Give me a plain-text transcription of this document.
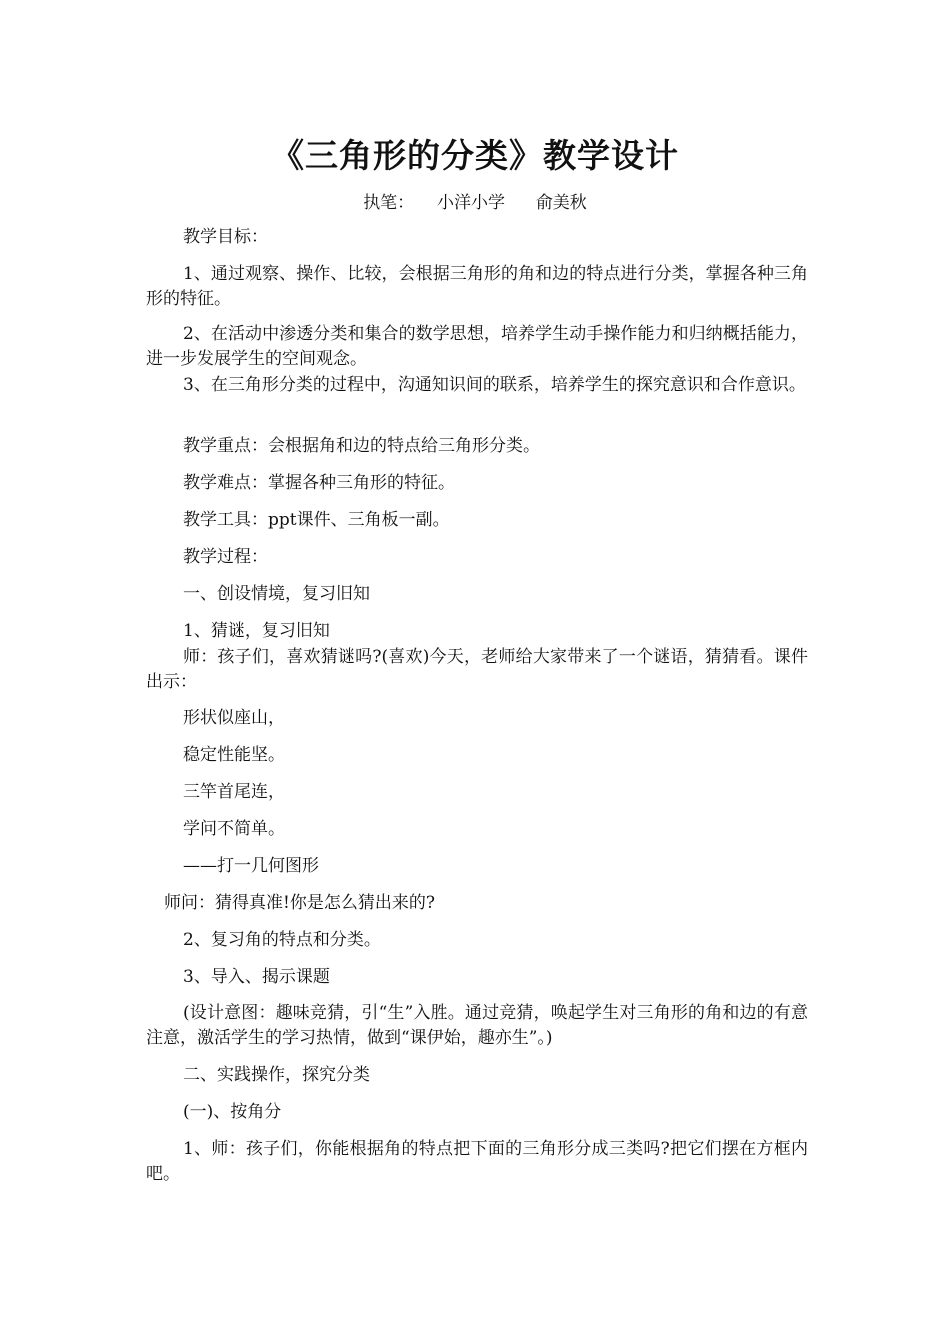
《三角形的分类》教学设计
执笔： 小洋小学 俞美秋

教学目标：

1、通过观察、操作、比较，会根据三角形的角和边的特点进行分类，掌握各种三角形的特征。

2、在活动中渗透分类和集合的数学思想，培养学生动手操作能力和归纳概括能力，进一步发展学生的空间观念。

3、在三角形分类的过程中，沟通知识间的联系，培养学生的探究意识和合作意识。

教学重点：会根据角和边的特点给三角形分类。

教学难点：掌握各种三角形的特征。

教学工具：ppt课件、三角板一副。

教学过程：

一、创设情境，复习旧知

1、猜谜，复习旧知

师：孩子们，喜欢猜谜吗?(喜欢)今天，老师给大家带来了一个谜语，猜猜看。课件出示：

形状似座山，

稳定性能坚。

三竿首尾连，

学问不简单。

——打一几何图形

师问：猜得真准!你是怎么猜出来的?

2、复习角的特点和分类。

3、导入、揭示课题

(设计意图：趣味竞猜，引“生”入胜。通过竞猜，唤起学生对三角形的角和边的有意注意，激活学生的学习热情，做到“课伊始，趣亦生”。)

二、实践操作，探究分类

(一)、按角分

1、师：孩子们，你能根据角的特点把下面的三角形分成三类吗?把它们摆在方框内吧。
